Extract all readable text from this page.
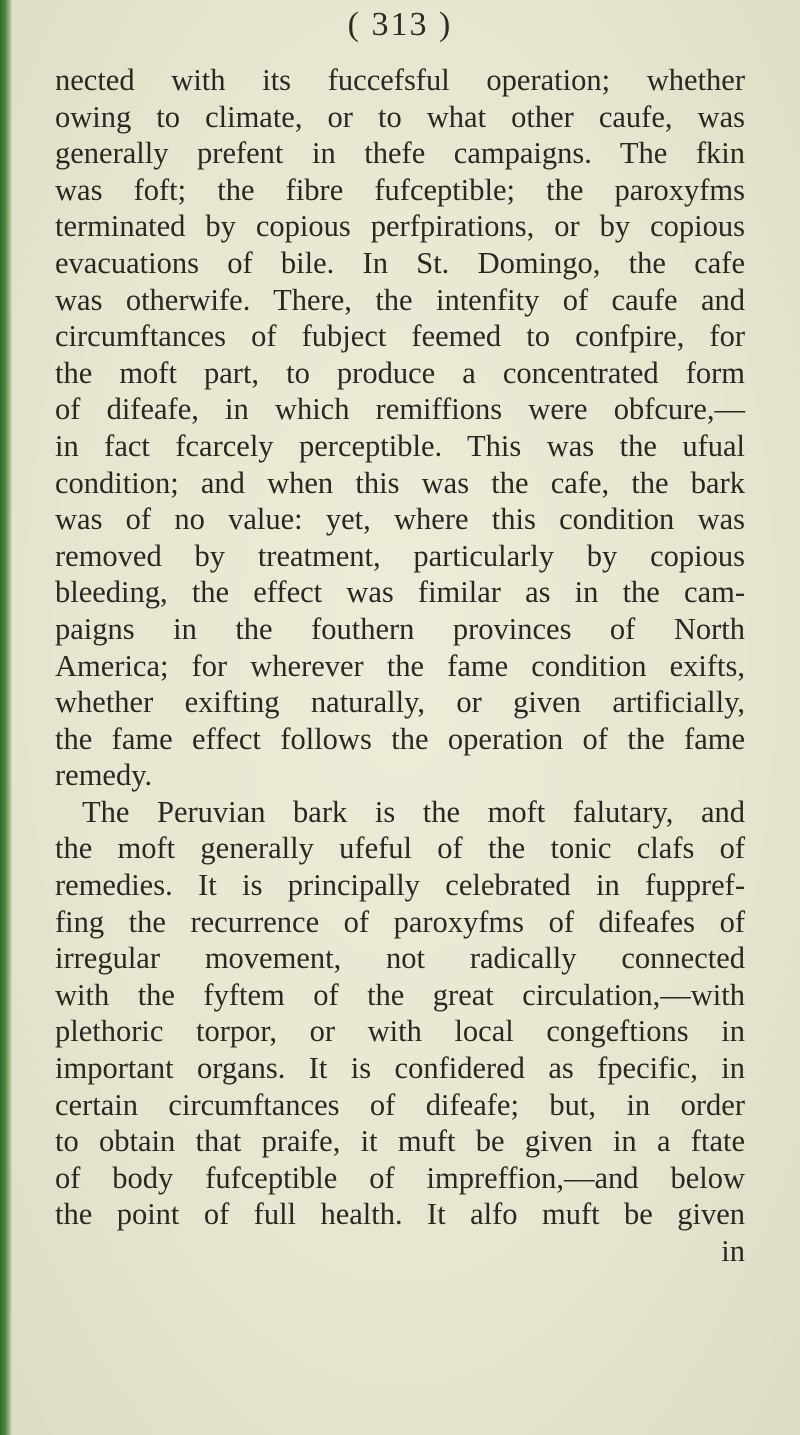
( 313 )
nected with its fuccefsful operation; whether
owing to climate, or to what other caufe, was
generally prefent in thefe campaigns. The fkin
was foft; the fibre fufceptible; the paroxyfms
terminated by copious perfpirations, or by copious
evacuations of bile. In St. Domingo, the cafe
was otherwife. There, the intenfity of caufe and
circumftances of fubject feemed to confpire, for
the moft part, to produce a concentrated form
of difeafe, in which remiffions were obfcure,—
in fact fcarcely perceptible. This was the ufual
condition; and when this was the cafe, the bark
was of no value: yet, where this condition was
removed by treatment, particularly by copious
bleeding, the effect was fimilar as in the cam-
paigns in the fouthern provinces of North
America; for wherever the fame condition exifts,
whether exifting naturally, or given artificially,
the fame effect follows the operation of the fame
remedy.
The Peruvian bark is the moft falutary, and
the moft generally ufeful of the tonic clafs of
remedies. It is principally celebrated in fuppref-
fing the recurrence of paroxyfms of difeafes of
irregular movement, not radically connected
with the fyftem of the great circulation,—with
plethoric torpor, or with local congeftions in
important organs. It is confidered as fpecific, in
certain circumftances of difeafe; but, in order
to obtain that praife, it muft be given in a ftate
of body fufceptible of impreffion,—and below
the point of full health. It alfo muft be given
in
